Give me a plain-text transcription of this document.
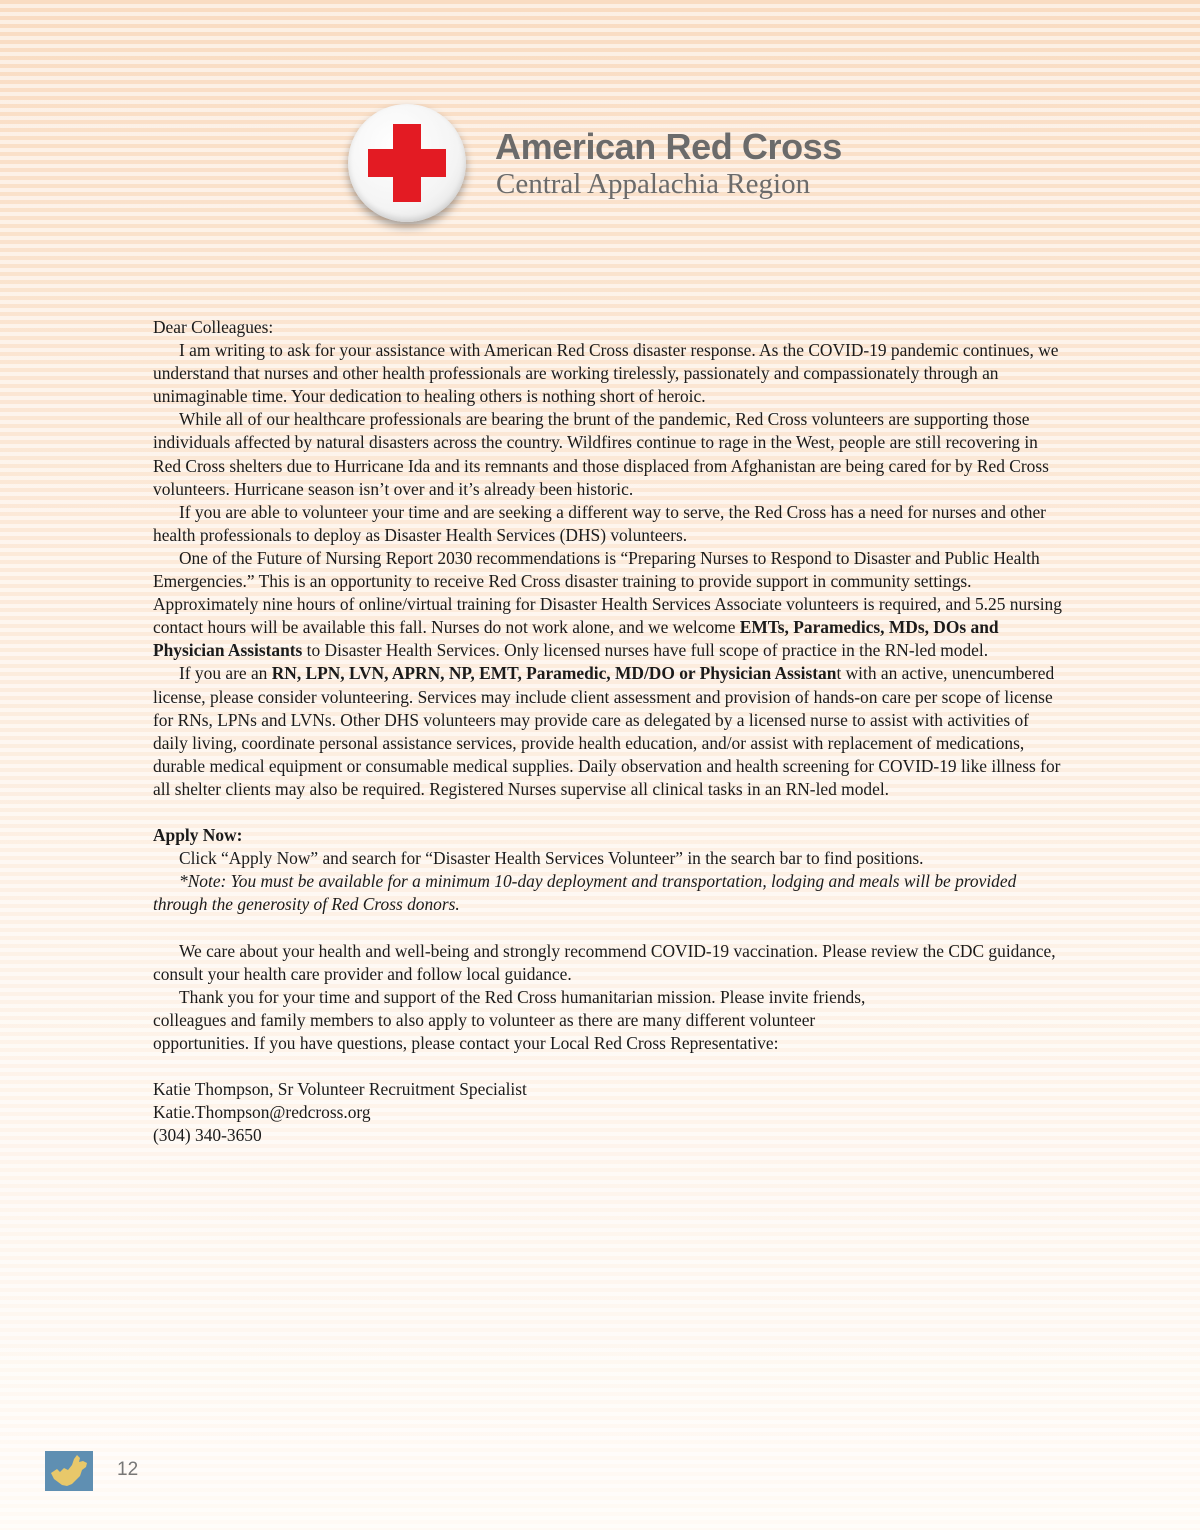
American Red Cross
Central Appalachia Region

Dear Colleagues:

I am writing to ask for your assistance with American Red Cross disaster response. As the COVID-19 pandemic continues, we understand that nurses and other health professionals are working tirelessly, passionately and compassionately through an unimaginable time. Your dedication to healing others is nothing short of heroic.

While all of our healthcare professionals are bearing the brunt of the pandemic, Red Cross volunteers are supporting those individuals affected by natural disasters across the country. Wildfires continue to rage in the West, people are still recovering in Red Cross shelters due to Hurricane Ida and its remnants and those displaced from Afghanistan are being cared for by Red Cross volunteers. Hurricane season isn’t over and it’s already been historic.

If you are able to volunteer your time and are seeking a different way to serve, the Red Cross has a need for nurses and other health professionals to deploy as Disaster Health Services (DHS) volunteers.

One of the Future of Nursing Report 2030 recommendations is “Preparing Nurses to Respond to Disaster and Public Health Emergencies.” This is an opportunity to receive Red Cross disaster training to provide support in community settings. Approximately nine hours of online/virtual training for Disaster Health Services Associate volunteers is required, and 5.25 nursing contact hours will be available this fall. Nurses do not work alone, and we welcome EMTs, Paramedics, MDs, DOs and Physician Assistants to Disaster Health Services. Only licensed nurses have full scope of practice in the RN-led model.

If you are an RN, LPN, LVN, APRN, NP, EMT, Paramedic, MD/DO or Physician Assistant with an active, unencumbered license, please consider volunteering. Services may include client assessment and provision of hands-on care per scope of license for RNs, LPNs and LVNs. Other DHS volunteers may provide care as delegated by a licensed nurse to assist with activities of daily living, coordinate personal assistance services, provide health education, and/or assist with replacement of medications, durable medical equipment or consumable medical supplies. Daily observation and health screening for COVID-19 like illness for all shelter clients may also be required. Registered Nurses supervise all clinical tasks in an RN-led model.

Apply Now:

Click “Apply Now” and search for “Disaster Health Services Volunteer” in the search bar to find positions.

*Note: You must be available for a minimum 10-day deployment and transportation, lodging and meals will be provided through the generosity of Red Cross donors.

We care about your health and well-being and strongly recommend COVID-19 vaccination. Please review the CDC guidance, consult your health care provider and follow local guidance.

Thank you for your time and support of the Red Cross humanitarian mission. Please invite friends,
colleagues and family members to also apply to volunteer as there are many different volunteer
opportunities. If you have questions, please contact your Local Red Cross Representative:

Katie Thompson, Sr Volunteer Recruitment Specialist

Katie.Thompson@redcross.org

(304) 340-3650

12
